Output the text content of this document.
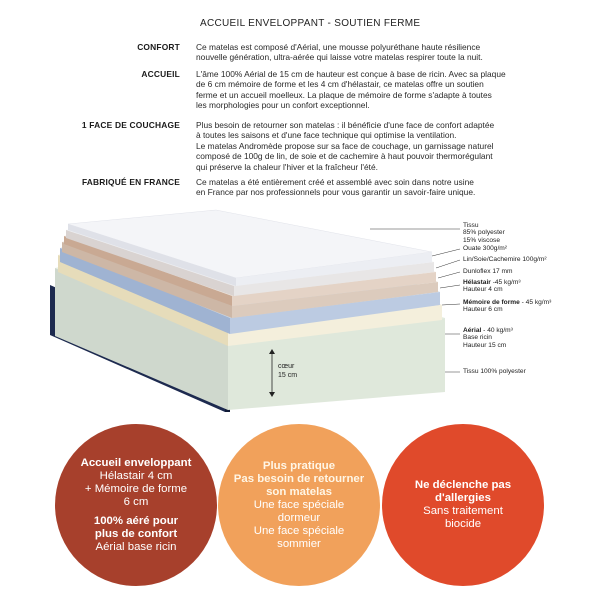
ACCUEIL ENVELOPPANT - SOUTIEN FERME
CONFORT Ce matelas est composé d'Aérial, une mousse polyuréthane haute résilience
nouvelle génération, ultra-aérée qui laisse votre matelas respirer toute la nuit.
ACCUEIL L'âme 100% Aérial de 15 cm de hauteur est conçue à base de ricin. Avec sa plaque
de 6 cm mémoire de forme et les 4 cm d'hélastair, ce matelas offre un soutien
ferme et un accueil moelleux. La plaque de mémoire de forme s'adapte à toutes
les morphologies pour un confort exceptionnel.
1 FACE DE COUCHAGE Plus besoin de retourner son matelas : il bénéficie d'une face de confort adaptée
à toutes les saisons et d'une face technique qui optimise la ventilation.
Le matelas Andromède propose sur sa face de couchage, un garnissage naturel
composé de 100g de lin, de soie et de cachemire à haut pouvoir thermorégulant
qui préserve la chaleur l'hiver et la fraîcheur l'été.
FABRIQUÉ EN FRANCE Ce matelas a été entièrement créé et assemblé avec soin dans notre usine
en France par nos professionnels pour vous garantir un savoir-faire unique.
cœur
15 cm
Tissu
85% polyester
15% viscose
Ouate 300g/m²
Lin/Soie/Cachemire 100g/m²
Dunloflex 17 mm
Hélastair -45 kg/m³
Hauteur 4 cm
Mémoire de forme - 45 kg/m³
Hauteur 6 cm
Aérial - 40 kg/m³
Base ricin
Hauteur 15 cm
Tissu 100% polyester
Accueil enveloppant
Hélastair 4 cm
+ Mémoire de forme
6 cm
100% aéré pour
plus de confort
Aérial base ricin
Plus pratique
Pas besoin de retourner
son matelas
Une face spéciale
dormeur
Une face spéciale
sommier
Ne déclenche pas
d'allergies
Sans traitement
biocide
